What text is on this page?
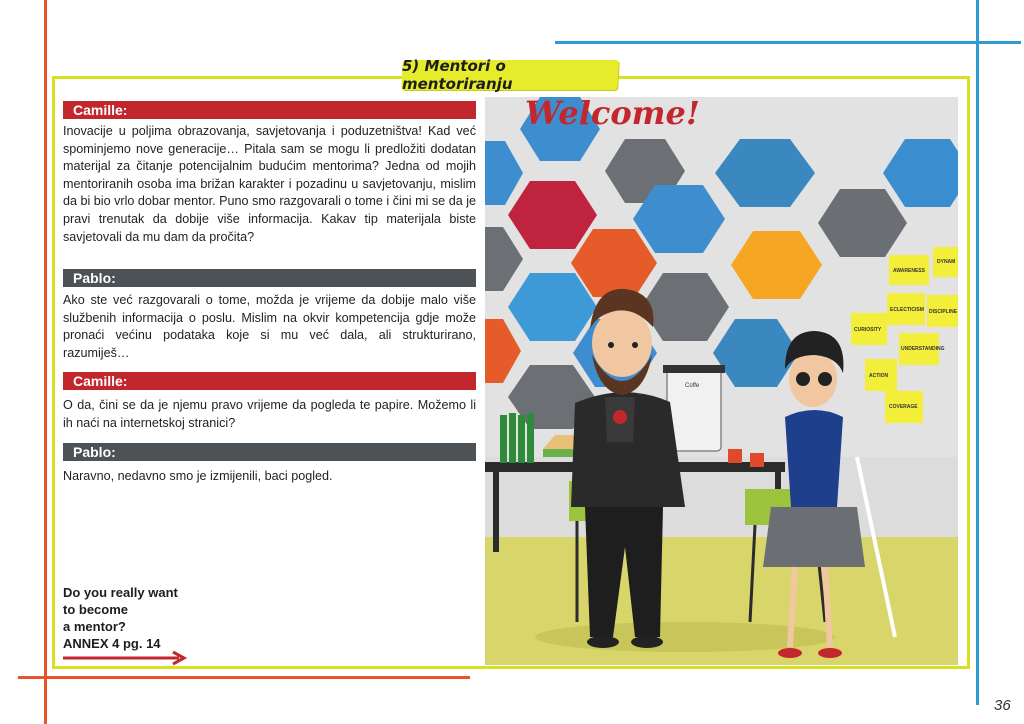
5) Mentori o mentoriranju
Camille:
Inovacije u poljima obrazovanja, savjetovanja i poduzetništva! Kad već spominjemo nove generacije… Pitala sam se mogu li predložiti dodatan materijal za čitanje potencijalnim budućim mentorima? Jedna od mojih mentoriranih osoba ima brižan karakter i pozadinu u savjetovanju, mislim da bi bio vrlo dobar mentor. Puno smo razgovarali o tome i čini mi se da je pravi trenutak da dobije više informacija. Kakav tip materijala biste savjetovali da mu dam da pročita?
Pablo:
Ako ste već razgovarali o tome, možda je vrijeme da dobije malo više službenih informacija o poslu. Mislim na okvir kompetencija gdje može pronaći većinu podataka koje si mu već dala, ali strukturirano, razumiješ…
Camille:
O da, čini se da je njemu pravo vrijeme da pogleda te papire. Možemo li ih naći na internetskoj stranici?
Pablo:
Naravno, nedavno smo je izmijenili, baci pogled.
Do you really want
to become
a mentor?
ANNEX 4 pg. 14
Welcome!
AWARENESS
DYNAM
ECLECTICISM DISCIPLINE
CURIOSITY
UNDERSTANDING
ACTION
COVERAGE
Coffe
36
